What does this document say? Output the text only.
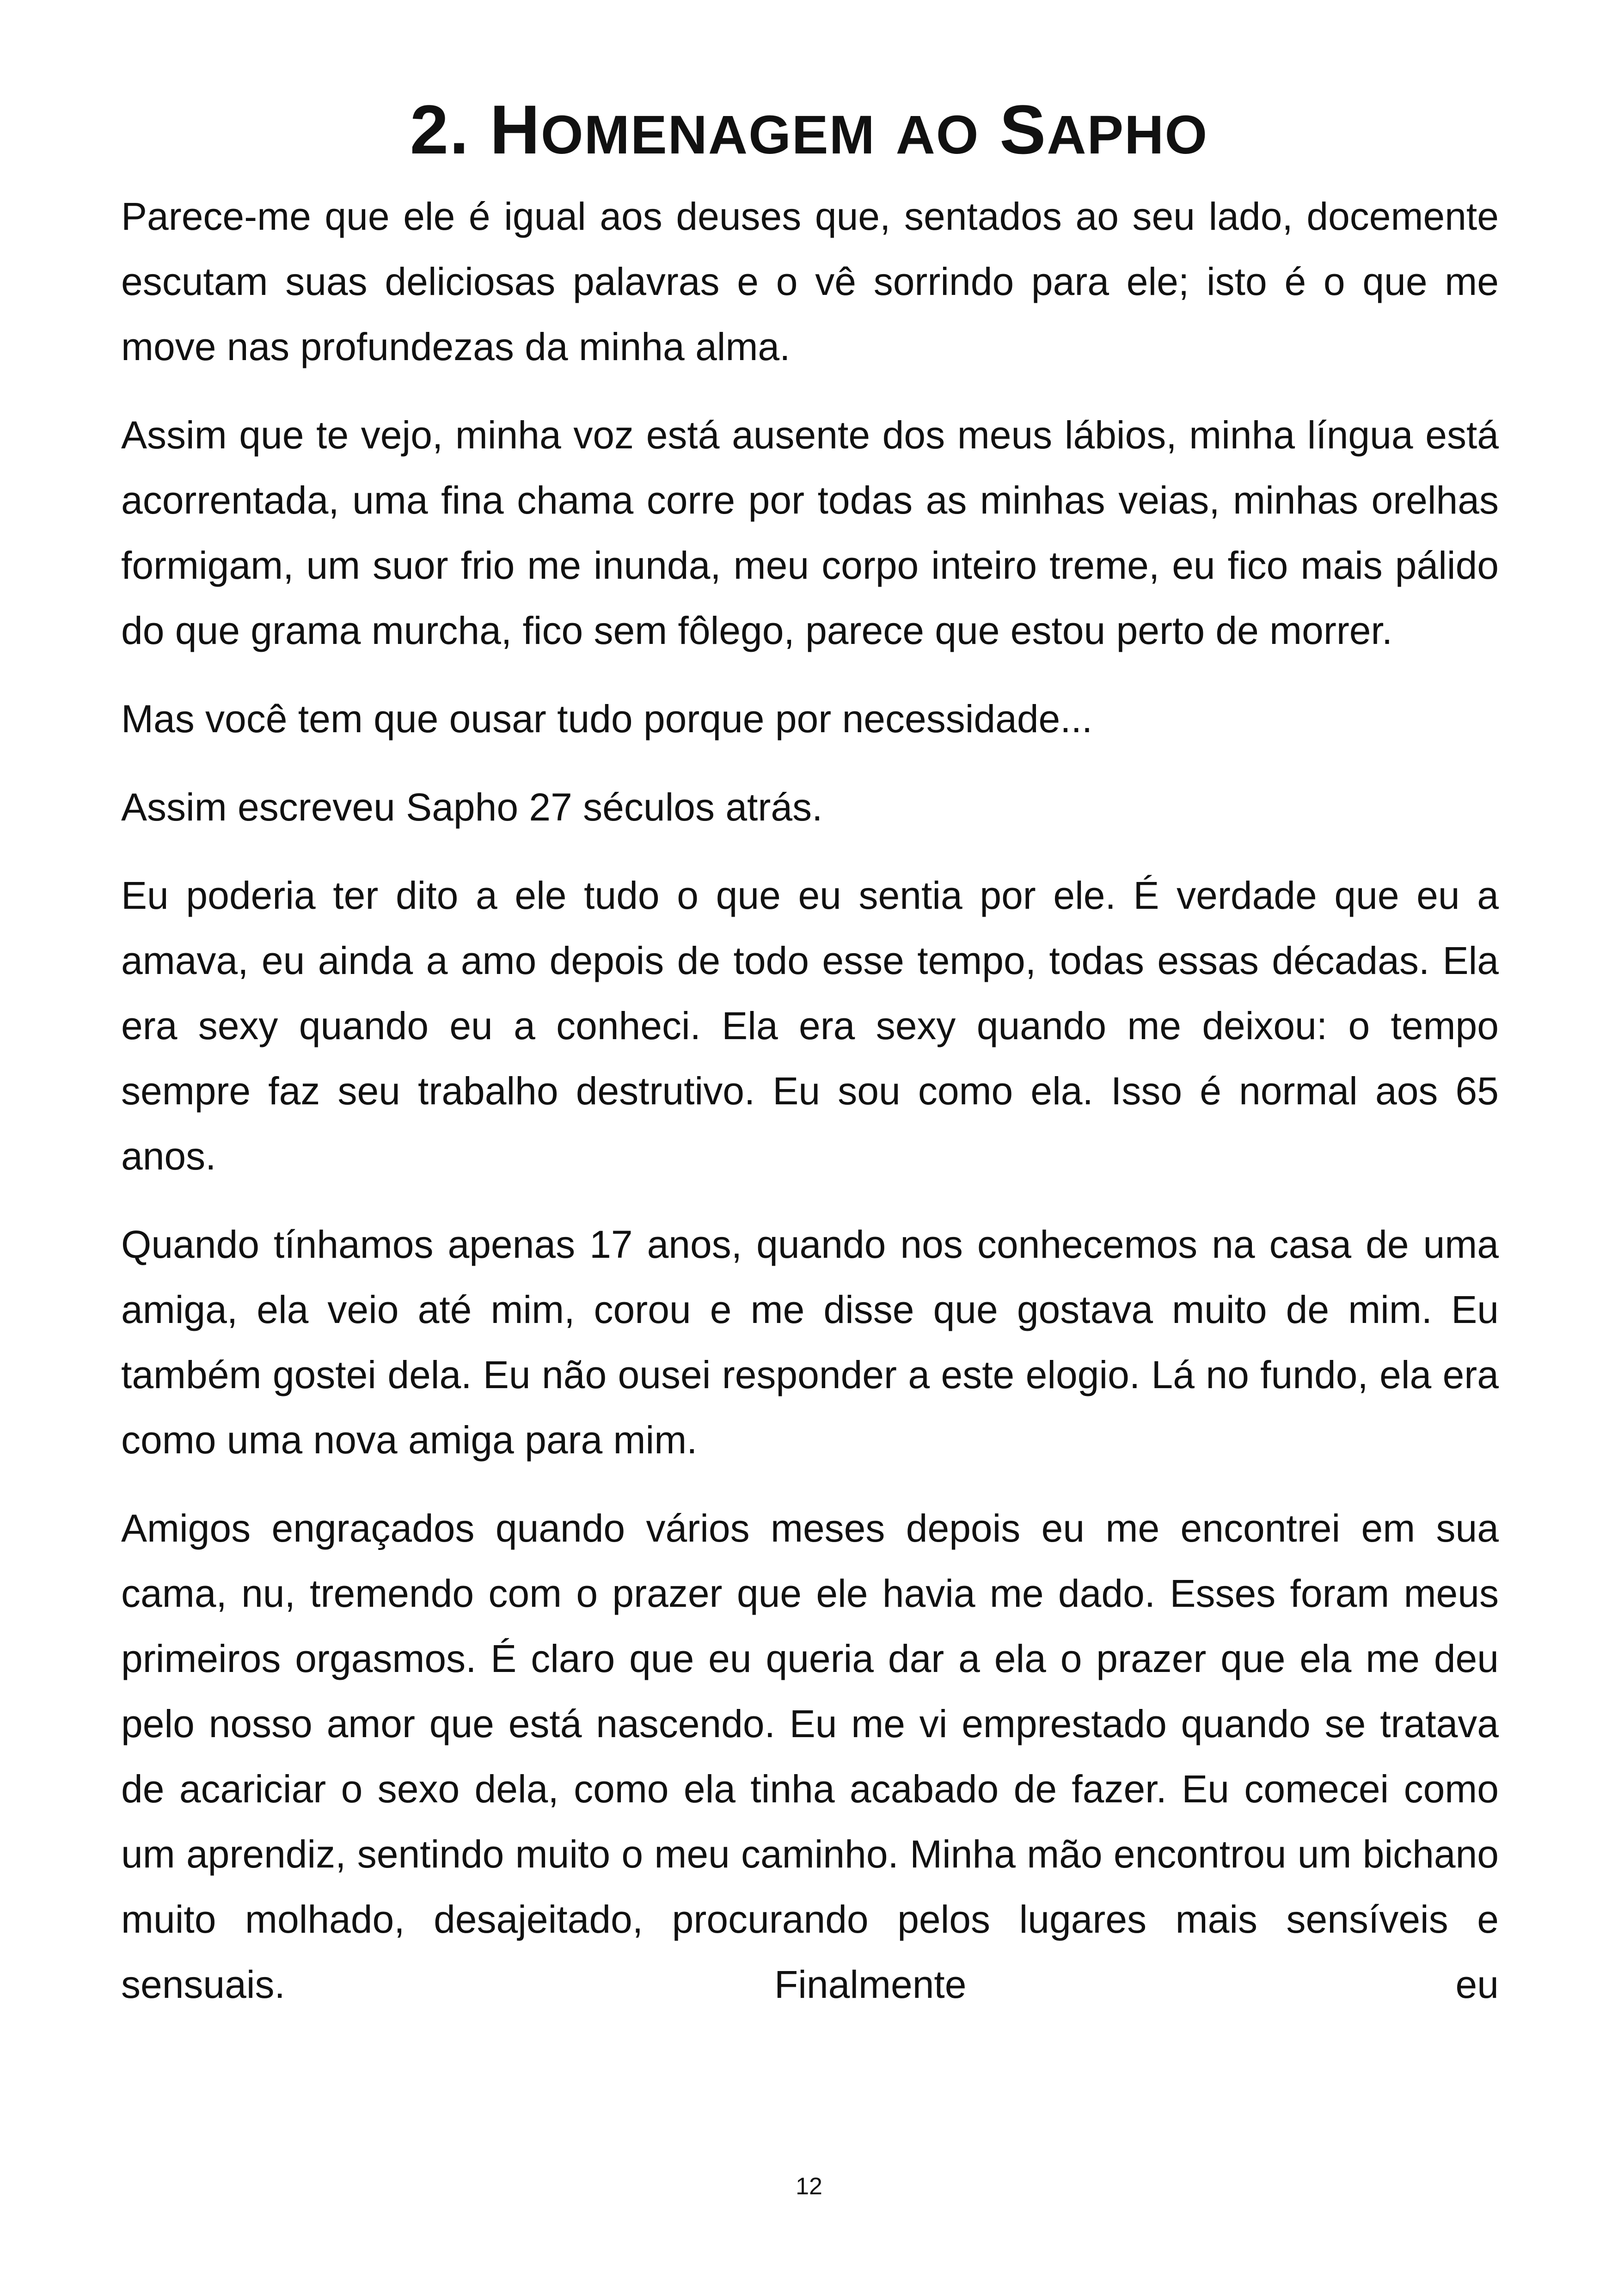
2. HOMENAGEM AO SAPHO

Parece-me que ele é igual aos deuses que, sentados ao seu lado, docemente escutam suas deliciosas palavras e o vê sorrindo para ele; isto é o que me move nas profundezas da minha alma.

Assim que te vejo, minha voz está ausente dos meus lábios, minha língua está acorrentada, uma fina chama corre por todas as minhas veias, minhas orelhas formigam, um suor frio me inunda, meu corpo inteiro treme, eu fico mais pálido do que grama murcha, fico sem fôlego, parece que estou perto de morrer.

Mas você tem que ousar tudo porque por necessidade...

Assim escreveu Sapho 27 séculos atrás.

Eu poderia ter dito a ele tudo o que eu sentia por ele. É verdade que eu a amava, eu ainda a amo depois de todo esse tempo, todas essas décadas. Ela era sexy quando eu a conheci. Ela era sexy quando me deixou: o tempo sempre faz seu trabalho destrutivo. Eu sou como ela. Isso é normal aos 65 anos.

Quando tínhamos apenas 17 anos, quando nos conhecemos na casa de uma amiga, ela veio até mim, corou e me disse que gostava muito de mim. Eu também gostei dela. Eu não ousei responder a este elogio. Lá no fundo, ela era como uma nova amiga para mim.

Amigos engraçados quando vários meses depois eu me encontrei em sua cama, nu, tremendo com o prazer que ele havia me dado. Esses foram meus primeiros orgasmos. É claro que eu queria dar a ela o prazer que ela me deu pelo nosso amor que está nascendo. Eu me vi emprestado quando se tratava de acariciar o sexo dela, como ela tinha acabado de fazer. Eu comecei como um aprendiz, sentindo muito o meu caminho. Minha mão encontrou um bichano muito molhado, desajeitado, procurando pelos lugares mais sensíveis e sensuais. Finalmente eu

12
